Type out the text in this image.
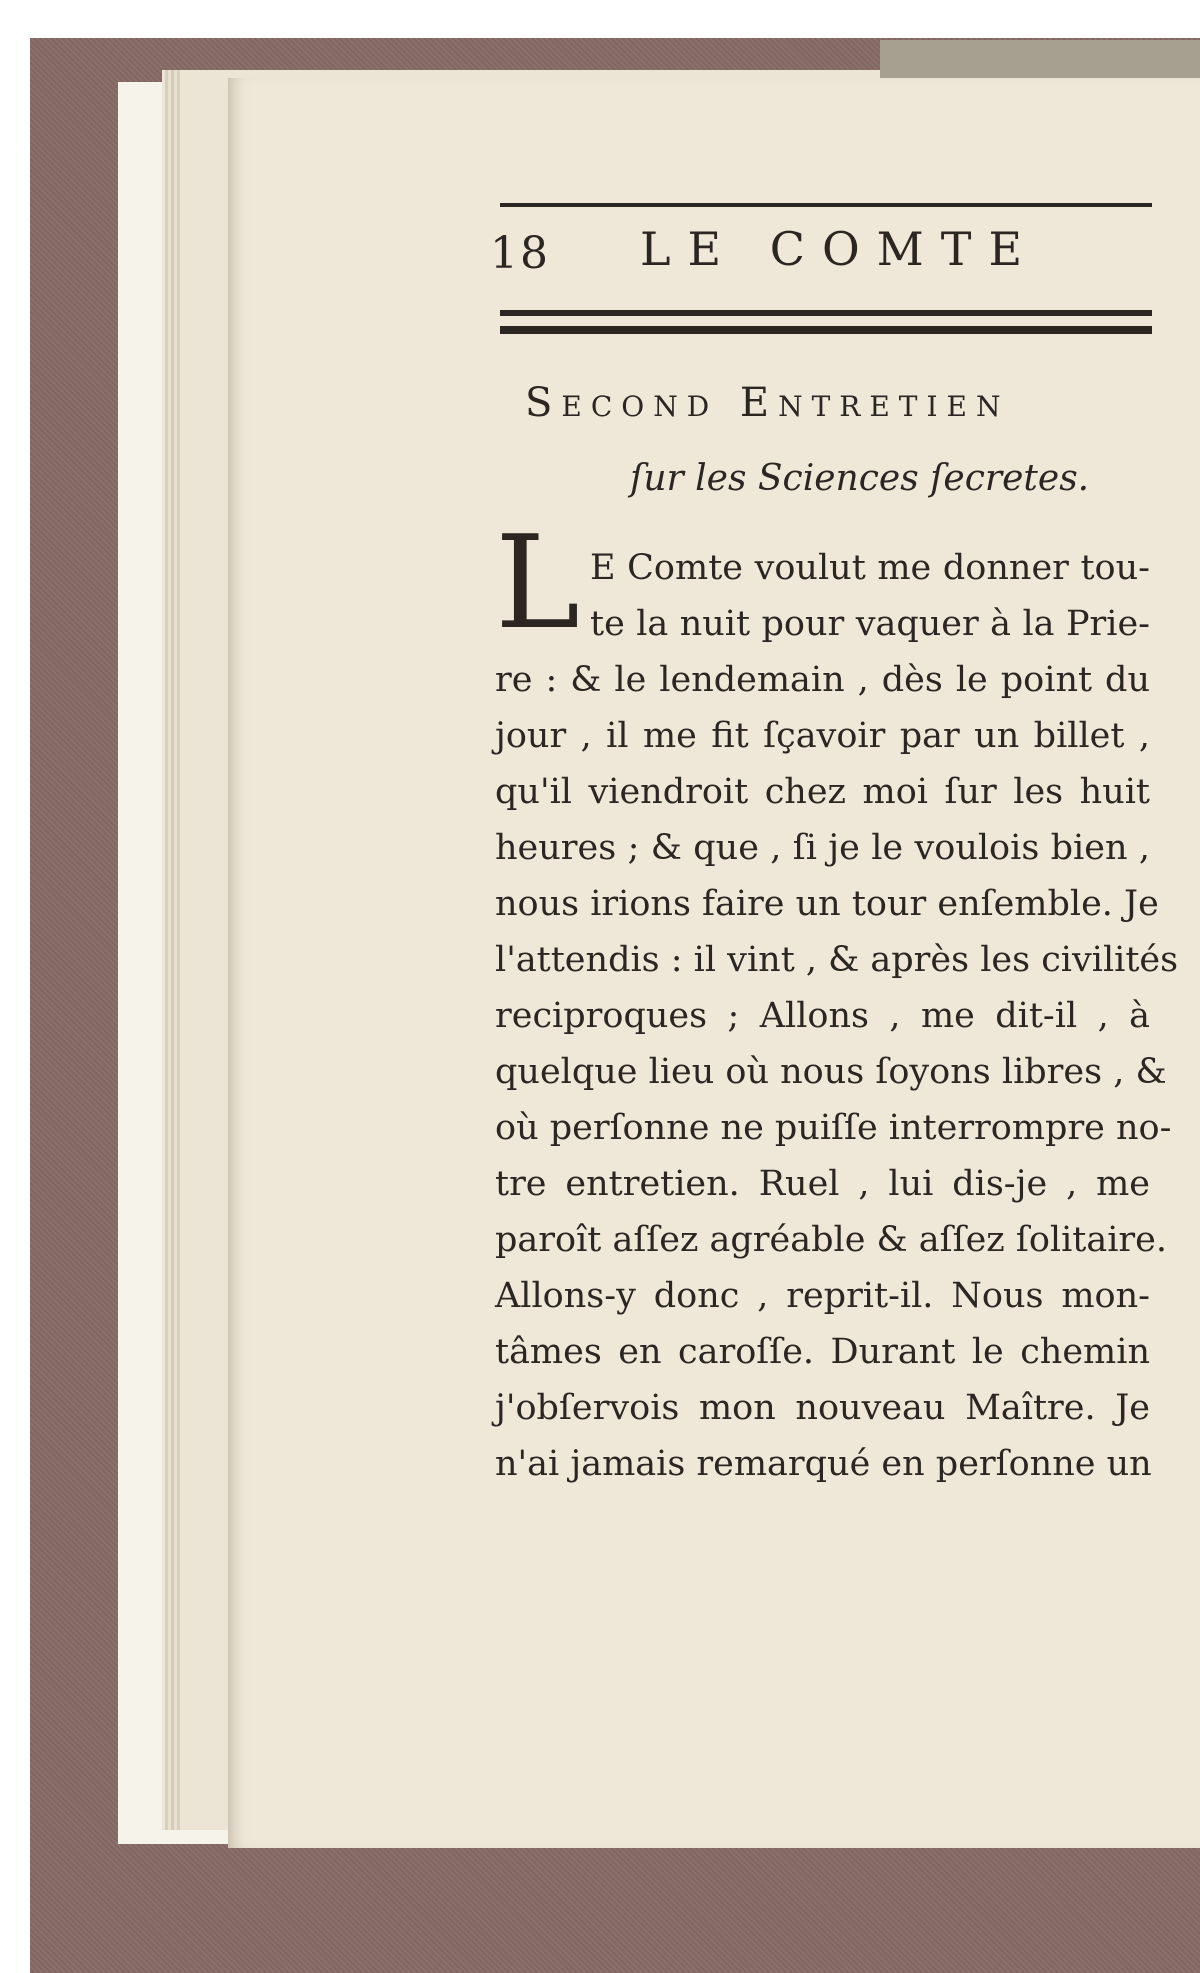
18 LE COMTE
Second Entretien
ſur les Sciences ſecretes.
L E Comte voulut me donner tou-
te la nuit pour vaquer à la Prie-
re : & le lendemain , dès le point du
jour , il me fit ſçavoir par un billet ,
qu'il viendroit chez moi ſur les huit
heures ; & que , ſi je le voulois bien ,
nous irions faire un tour enſemble. Je
l'attendis : il vint , & après les civilités
reciproques ; Allons , me dit-il , à
quelque lieu où nous ſoyons libres , &
où perſonne ne puiſſe interrompre no-
tre entretien. Ruel , lui dis-je , me
paroît aſſez agréable & aſſez ſolitaire.
Allons-y donc , reprit-il. Nous mon-
tâmes en caroſſe. Durant le chemin
j'obſervois mon nouveau Maître. Je
n'ai jamais remarqué en perſonne un
